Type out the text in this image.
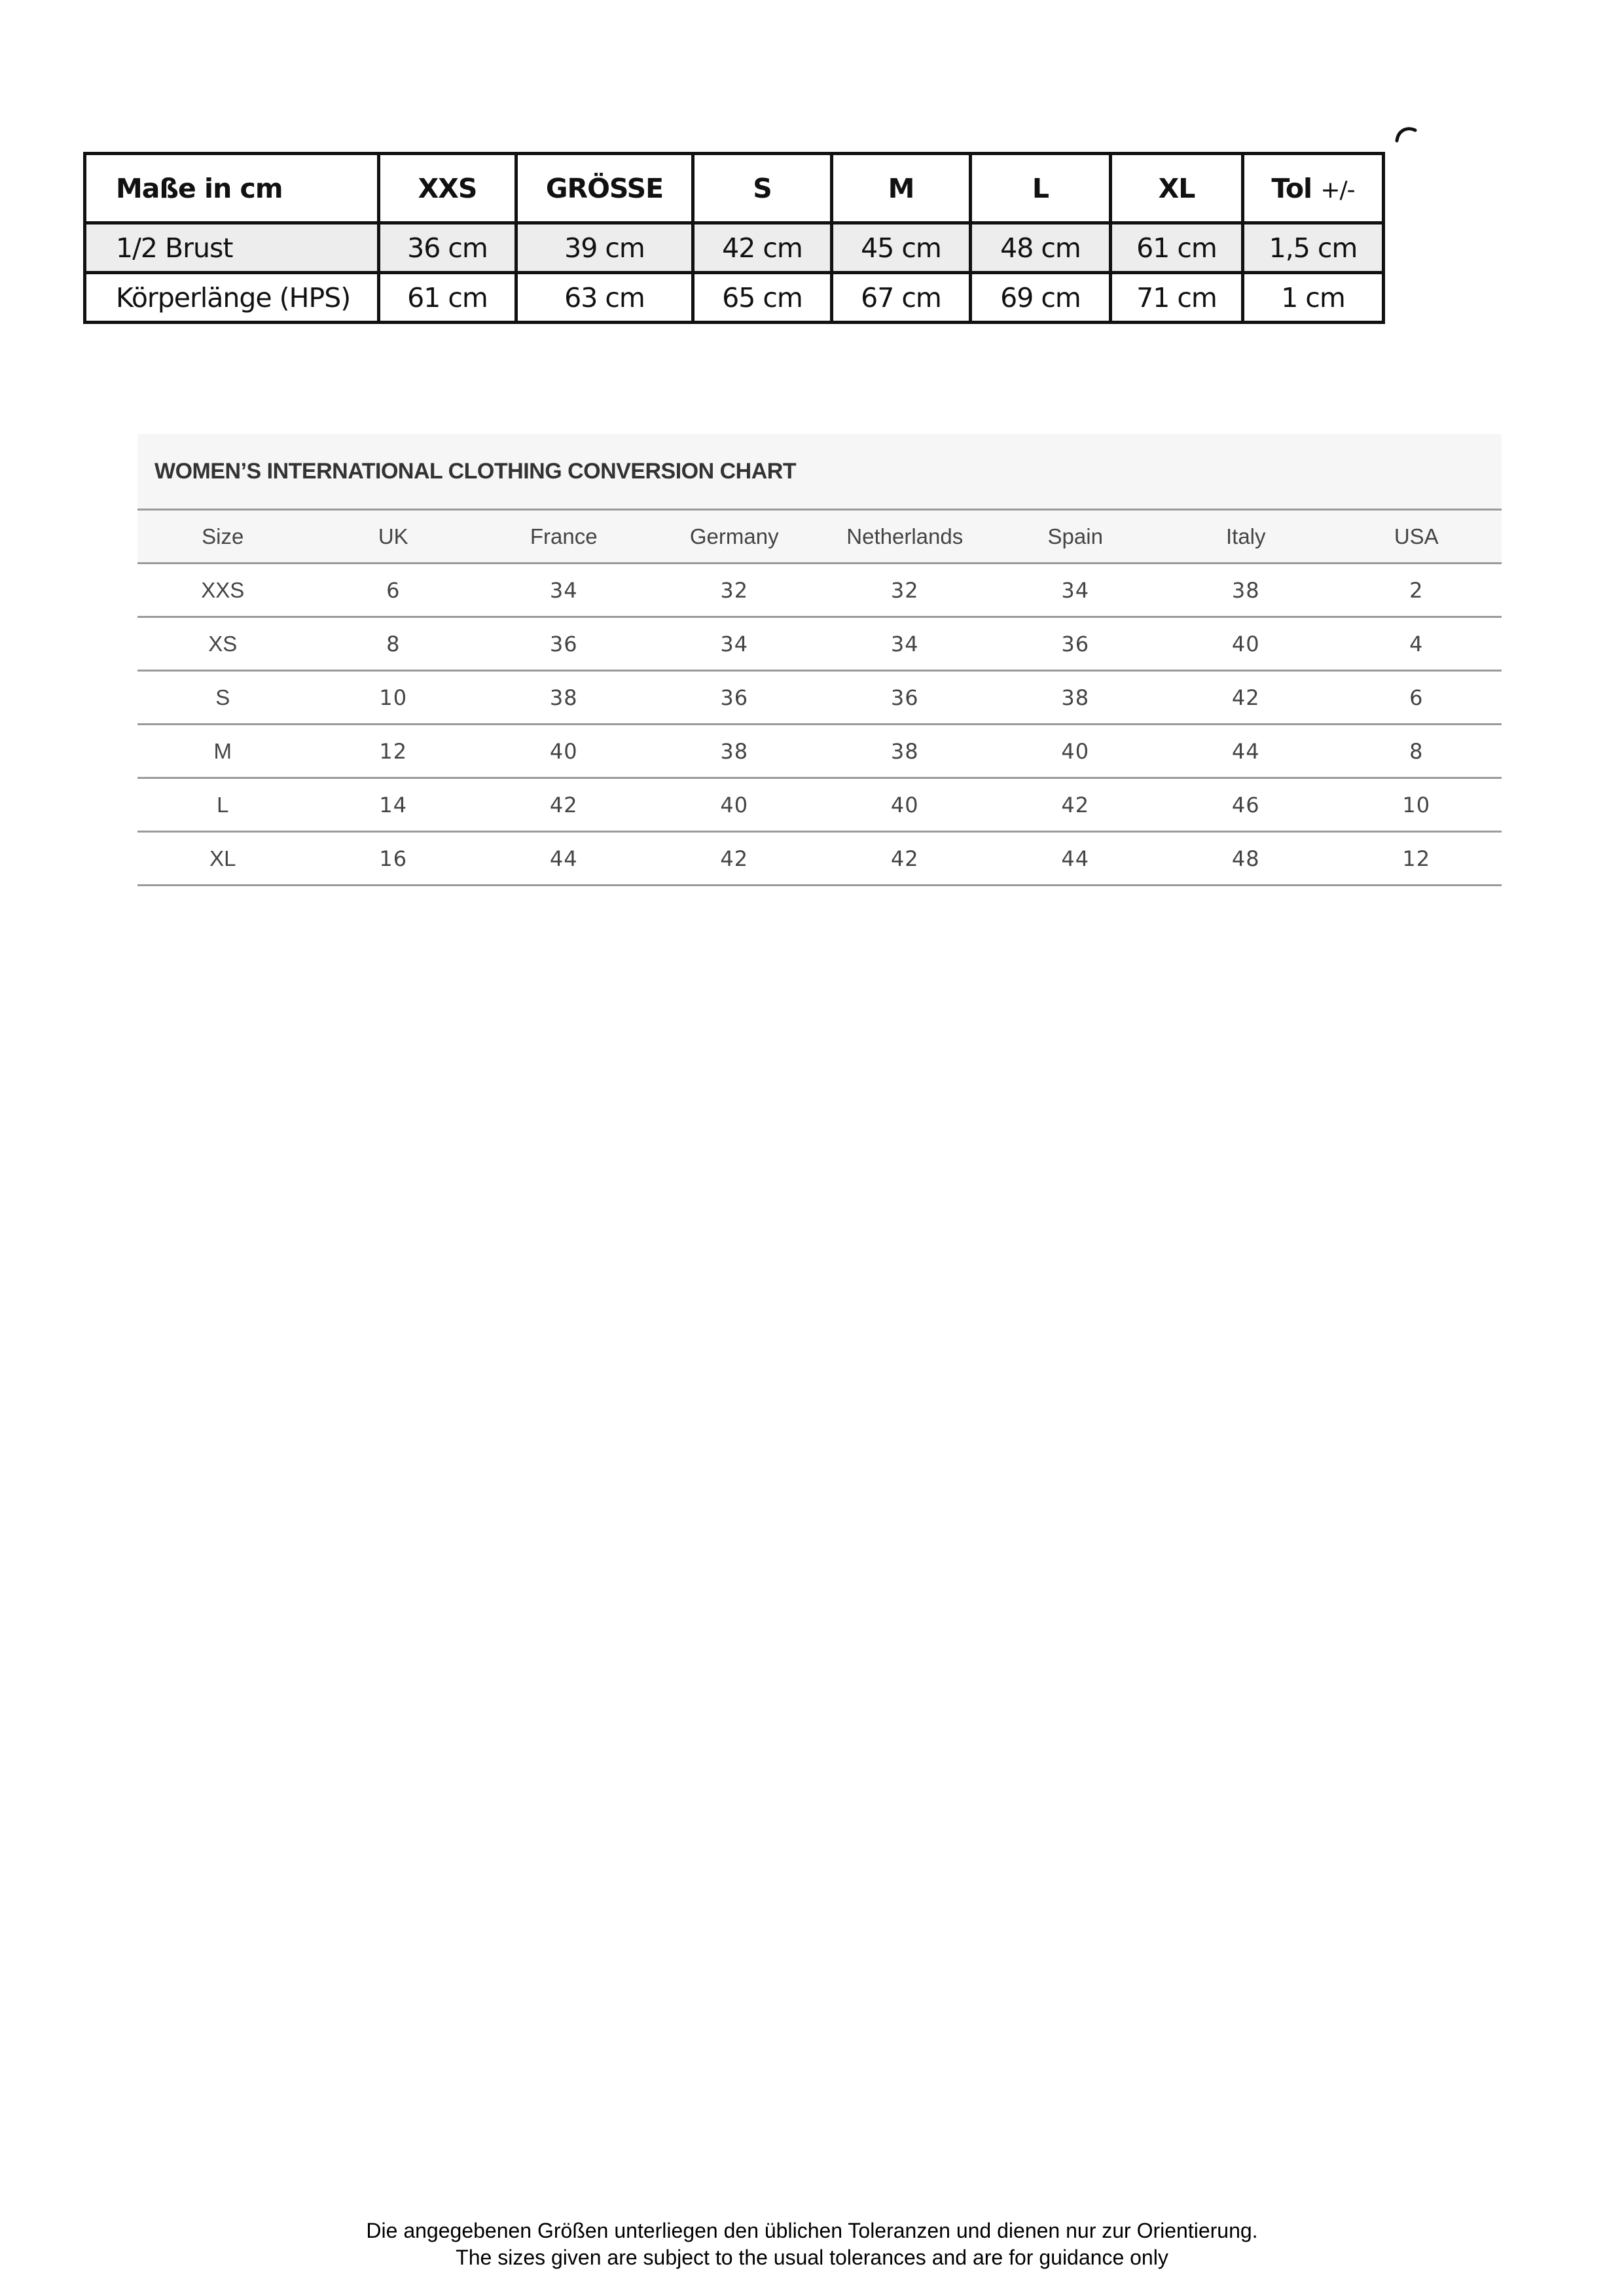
Maße in cm	XXS	GRÖSSE	S	M	L	XL	Tol +/-
1/2 Brust	36 cm	39 cm	42 cm	45 cm	48 cm	61 cm	1,5 cm
Körperlänge (HPS)	61 cm	63 cm	65 cm	67 cm	69 cm	71 cm	1 cm
WOMEN’S INTERNATIONAL CLOTHING CONVERSION CHART
Size	UK	France	Germany	Netherlands	Spain	Italy	USA
XXS	6	34	32	32	34	38	2
XS	8	36	34	34	36	40	4
S	10	38	36	36	38	42	6
M	12	40	38	38	40	44	8
L	14	42	40	40	42	46	10
XL	16	44	42	42	44	48	12
Die angegebenen Größen unterliegen den üblichen Toleranzen und dienen nur zur Orientierung.
The sizes given are subject to the usual tolerances and are for guidance only
